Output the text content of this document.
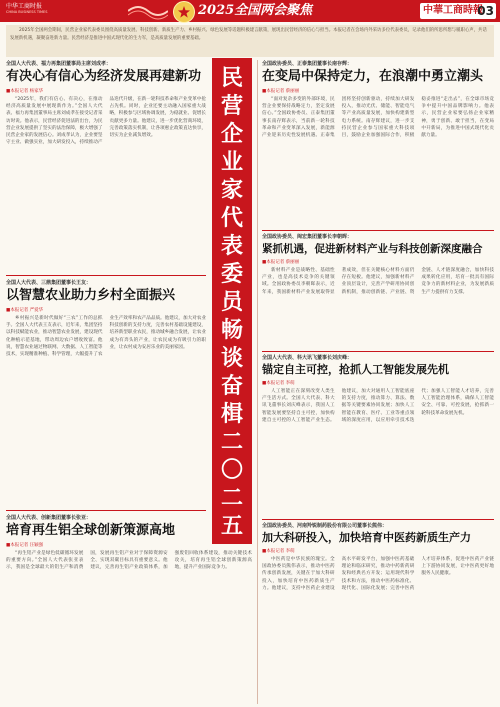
中华工商时报
CHINA BUSINESS TIMES	2025全国两会聚焦	中華工商時報
03

2025年全国两会期间，民营企业家代表委员围绕高质量发展、科技创新、新质生产力、乡村振兴、绿色发展等话题积极建言献策，展现出民营经济的信心与担当。本报记者在会场内外采访多位代表委员，记录他们的所思所想与履职心声，共话发展新机遇，凝聚奋进新力量。民营经济是推进中国式现代化的生力军，是高质量发展的重要基础。

民营企业家代表委员畅谈奋楫二〇二五
全国人大代表、福力再集团董事局主席刘成孝：
有决心有信心为经济发展再建新功
■本报记者 杨家华

“2025年，我们有信心、有决心，在推动经济高质量发展中展现新作为。”全国人大代表、福力再集团董事局主席刘成孝在接受记者采访时说。他表示，民营经济促进法的出台，为民营企业发展提供了坚实的法治保障，极大增强了民营企业家的发展信心。刘成孝认为，企业要坚守主业、做强实业，加大研发投入，持续推动产品迭代升级，在新一轮科技革命和产业变革中抢占先机。同时，企业还要主动融入国家重大战略，积极参与区域协调发展，为稳就业、促增长贡献更多力量。他建议，进一步优化营商环境，完善政策落实机制，让各项惠企政策直达快享，切实为企业减负增效。

全国人大代表、三鼎集团董事长王友：
以智慧农业助力乡村全面振兴
■本报记者 严爱华

乡村振兴是新时代做好“三农”工作的总抓手。全国人大代表王友表示，近年来，集团坚持以科技赋能农业，推动智慧农业发展，建设现代化种植示范基地，带动周边农户增收致富。他说，智慧农业通过物联网、大数据、人工智能等技术，实现精准种植、科学管理，大幅提升了农业生产效率和农产品品质。他建议，加大对农业科技创新的支持力度，完善农村基础设施建设，培养新型职业农民，推动城乡融合发展，让农业成为有奔头的产业，让农民成为有吸引力的职业，让农村成为安居乐业的美丽家园。

全国人大代表、创新集团董事长张亚：
培育再生铝全球创新策源高地
■本报记者 汪颖强

“再生铝产业是绿色低碳循环发展的重要方向。”全国人大代表张亚表示，我国是全球最大的铝生产和消费国，发展再生铝产业对于保障资源安全、实现双碳目标具有重要意义。他建议，完善再生铝产业政策体系，加强废铝回收体系建设，推动关键技术攻关，培育再生铝全球创新策源高地，提升产业国际竞争力。

全国政协委员、正泰集团董事长南存辉：
在变局中保持定力，在浪潮中勇立潮头
■本报记者 蔡丽丽

“面对复杂多变的外部环境，民营企业要保持战略定力，坚定发展信心。”全国政协委员、正泰集团董事长南存辉表示，当前新一轮科技革命和产业变革深入发展，新能源产业迎来历史性发展机遇。正泰集团将坚持创新驱动，持续加大研发投入，推动光伏、储能、智能电气等产业高质量发展，加快构建新型电力系统。南存辉建议，进一步支持民营企业参与国家重大科技项目，鼓励企业加强国际合作，积极稳妥推进“走出去”，在全球市场竞争中提升中国品牌影响力。他表示，民营企业家要弘扬企业家精神，勇于创新、敢于担当，在变局中开新局，为推进中国式现代化贡献力量。

全国政协委员、闽宏集团董事长李朝晖：
紧抓机遇，促进新材料产业与科技创新深度融合
■本报记者 蔡丽丽

新材料产业是战略性、基础性产业，也是高技术竞争的关键领域。全国政协委员李朝晖表示，近年来，我国新材料产业发展取得显著成效，但在关键核心材料方面仍存在短板。他建议，加强新材料产业顶层设计，完善产学研用协同创新机制，推动创新链、产业链、资金链、人才链深度融合，加快科技成果转化应用，培育一批具有国际竞争力的新材料企业，为发展新质生产力提供有力支撑。

全国人大代表、科大讯飞董事长刘庆峰：
锚定自主可控，抢抓人工智能发展先机
■本报记者 李萌

人工智能正在深刻改变人类生产生活方式。全国人大代表、科大讯飞董事长刘庆峰表示，我国人工智能发展要坚持自主可控，加快构建自主可控的人工智能产业生态。他建议，加大对通用人工智能底座的支持力度，推动算力、算法、数据等关键要素协同发展；加快人工智能在教育、医疗、工业等重点领域的深度应用，以应用牵引技术迭代；加强人工智能人才培养，完善人工智能治理体系，确保人工智能安全、可靠、可控发展，抢抓新一轮科技革命发展先机。

全国政协委员、河南羚锐制药股份有限公司董事长熊伟：
加大科研投入，加快培育中医药新质生产力
■本报记者 李萌

中医药是中华民族的瑰宝。全国政协委员熊伟表示，推动中医药传承创新发展，关键在于加大科研投入，加快培育中医药新质生产力。他建议，支持中医药企业建设高水平研发平台，加强中医药基础理论和临床研究，推动中药新药研发和经典名方开发；运用现代科学技术和方法，推动中医药标准化、现代化、国际化发展；完善中医药人才培养体系，促进中医药产业链上下游协同发展，让中医药更好地服务人民健康。
